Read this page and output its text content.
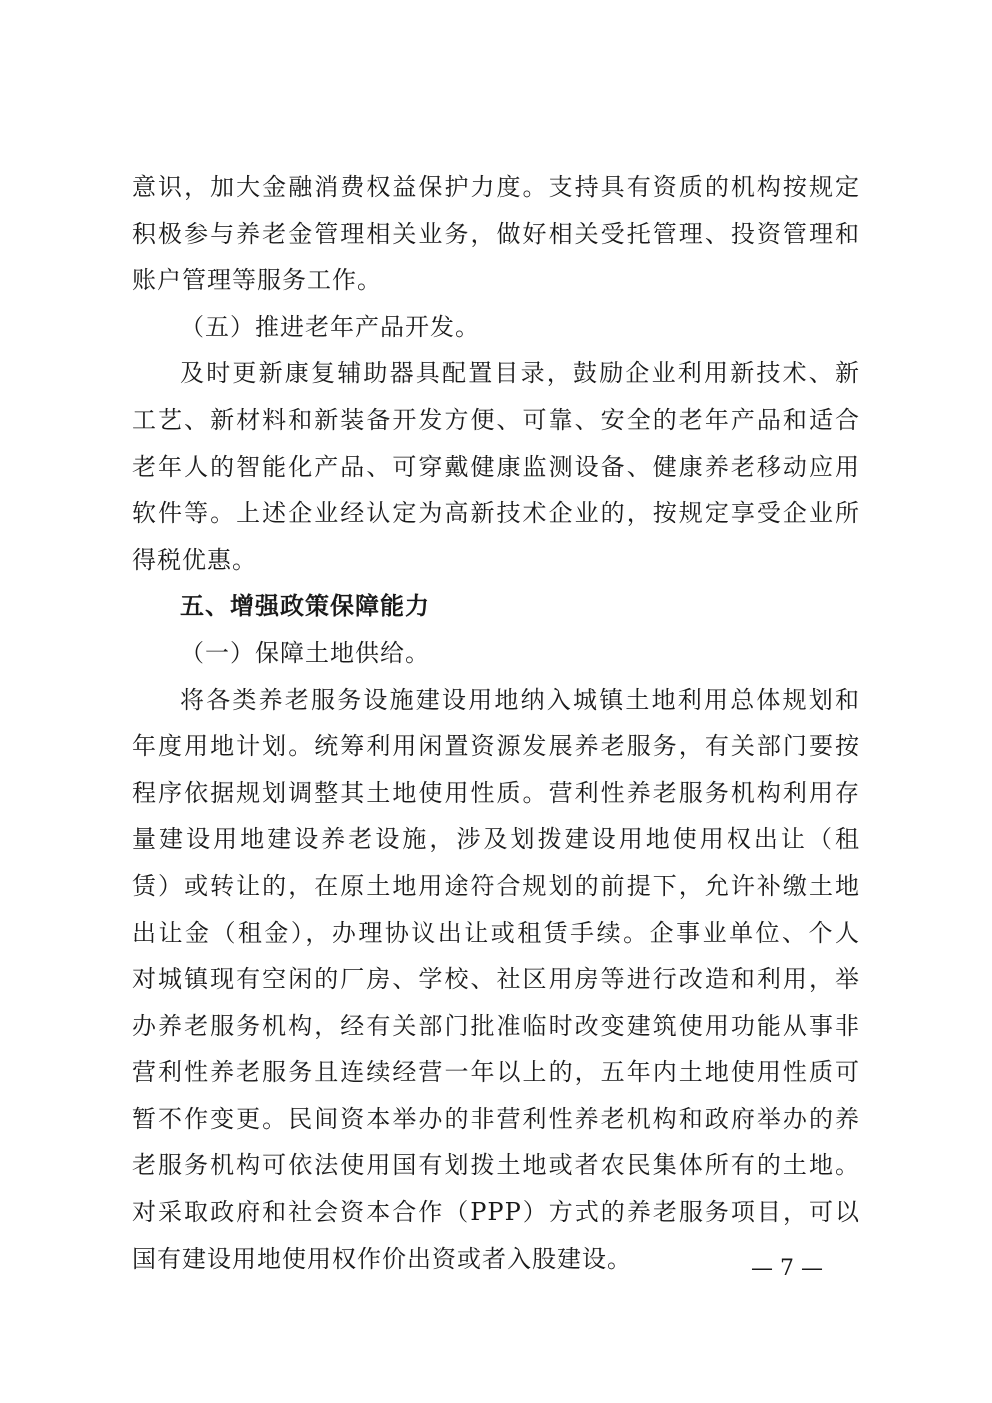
意识，加大金融消费权益保护力度。支持具有资质的机构按规定
积极参与养老金管理相关业务，做好相关受托管理、投资管理和
账户管理等服务工作。
（五）推进老年产品开发。
及时更新康复辅助器具配置目录，鼓励企业利用新技术、新
工艺、新材料和新装备开发方便、可靠、安全的老年产品和适合
老年人的智能化产品、可穿戴健康监测设备、健康养老移动应用
软件等。上述企业经认定为高新技术企业的，按规定享受企业所
得税优惠。
五、增强政策保障能力
（一）保障土地供给。
将各类养老服务设施建设用地纳入城镇土地利用总体规划和
年度用地计划。统筹利用闲置资源发展养老服务，有关部门要按
程序依据规划调整其土地使用性质。营利性养老服务机构利用存
量建设用地建设养老设施，涉及划拨建设用地使用权出让（租
赁）或转让的，在原土地用途符合规划的前提下，允许补缴土地
出让金（租金），办理协议出让或租赁手续。企事业单位、个人
对城镇现有空闲的厂房、学校、社区用房等进行改造和利用，举
办养老服务机构，经有关部门批准临时改变建筑使用功能从事非
营利性养老服务且连续经营一年以上的，五年内土地使用性质可
暂不作变更。民间资本举办的非营利性养老机构和政府举办的养
老服务机构可依法使用国有划拨土地或者农民集体所有的土地。
对采取政府和社会资本合作（PPP）方式的养老服务项目，可以
国有建设用地使用权作价出资或者入股建设。	— 7 —
